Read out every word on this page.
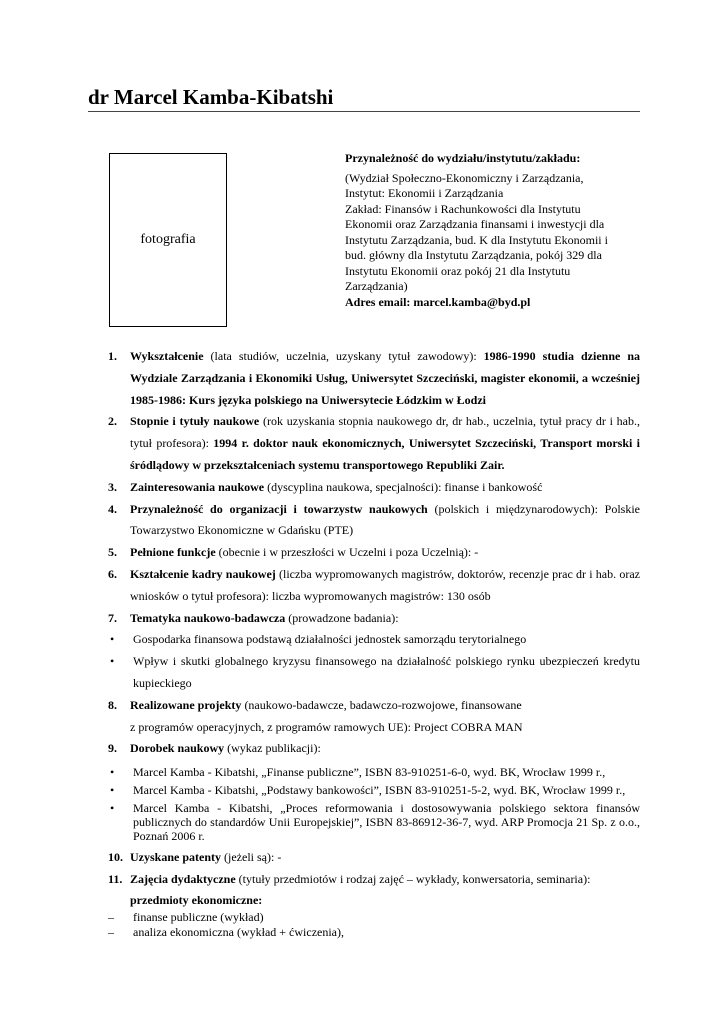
dr Marcel Kamba-Kibatshi
fotografia
Przynależność do wydziału/instytutu/zakładu:
(Wydział Społeczno-Ekonomiczny i Zarządzania,
Instytut: Ekonomii i Zarządzania
Zakład: Finansów i Rachunkowości dla Instytutu
Ekonomii oraz Zarządzania finansami i inwestycji dla
Instytutu Zarządzania, bud. K dla Instytutu Ekonomii i
bud. główny dla Instytutu Zarządzania, pokój 329 dla
Instytutu Ekonomii oraz pokój 21 dla Instytutu
Zarządzania)
Adres email: marcel.kamba@byd.pl
1. Wykształcenie (lata studiów, uczelnia, uzyskany tytuł zawodowy): 1986-1990 studia dzienne na Wydziale Zarządzania i Ekonomiki Usług, Uniwersytet Szczeciński, magister ekonomii, a wcześniej 1985-1986: Kurs języka polskiego na Uniwersytecie Łódzkim w Łodzi
2. Stopnie i tytuły naukowe (rok uzyskania stopnia naukowego dr, dr hab., uczelnia, tytuł pracy dr i hab., tytuł profesora): 1994 r. doktor nauk ekonomicznych, Uniwersytet Szczeciński, Transport morski i śródlądowy w przekształceniach systemu transportowego Republiki Zair.
3. Zainteresowania naukowe (dyscyplina naukowa, specjalności): finanse i bankowość
4. Przynależność do organizacji i towarzystw naukowych (polskich i międzynarodowych): Polskie Towarzystwo Ekonomiczne w Gdańsku (PTE)
5. Pełnione funkcje (obecnie i w przeszłości w Uczelni i poza Uczelnią): -
6. Kształcenie kadry naukowej (liczba wypromowanych magistrów, doktorów, recenzje prac dr i hab. oraz wniosków o tytuł profesora): liczba wypromowanych magistrów: 130 osób
7. Tematyka naukowo-badawcza (prowadzone badania):
• Gospodarka finansowa podstawą działalności jednostek samorządu terytorialnego
• Wpływ i skutki globalnego kryzysu finansowego na działalność polskiego rynku ubezpieczeń kredytu kupieckiego
8. Realizowane projekty (naukowo-badawcze, badawczo-rozwojowe, finansowane
z programów operacyjnych, z programów ramowych UE): Project COBRA MAN
9. Dorobek naukowy (wykaz publikacji):
• Marcel Kamba - Kibatshi, „Finanse publiczne”, ISBN 83-910251-6-0, wyd. BK, Wrocław 1999 r.,
• Marcel Kamba - Kibatshi, „Podstawy bankowości”, ISBN 83-910251-5-2, wyd. BK, Wrocław 1999 r.,
• Marcel Kamba - Kibatshi, „Proces reformowania i dostosowywania polskiego sektora finansów publicznych do standardów Unii Europejskiej”, ISBN 83-86912-36-7, wyd. ARP Promocja 21 Sp. z o.o., Poznań 2006 r.
10. Uzyskane patenty (jeżeli są): -
11. Zajęcia dydaktyczne (tytuły przedmiotów i rodzaj zajęć – wykłady, konwersatoria, seminaria):
przedmioty ekonomiczne:
– finanse publiczne (wykład)
– analiza ekonomiczna (wykład + ćwiczenia),
